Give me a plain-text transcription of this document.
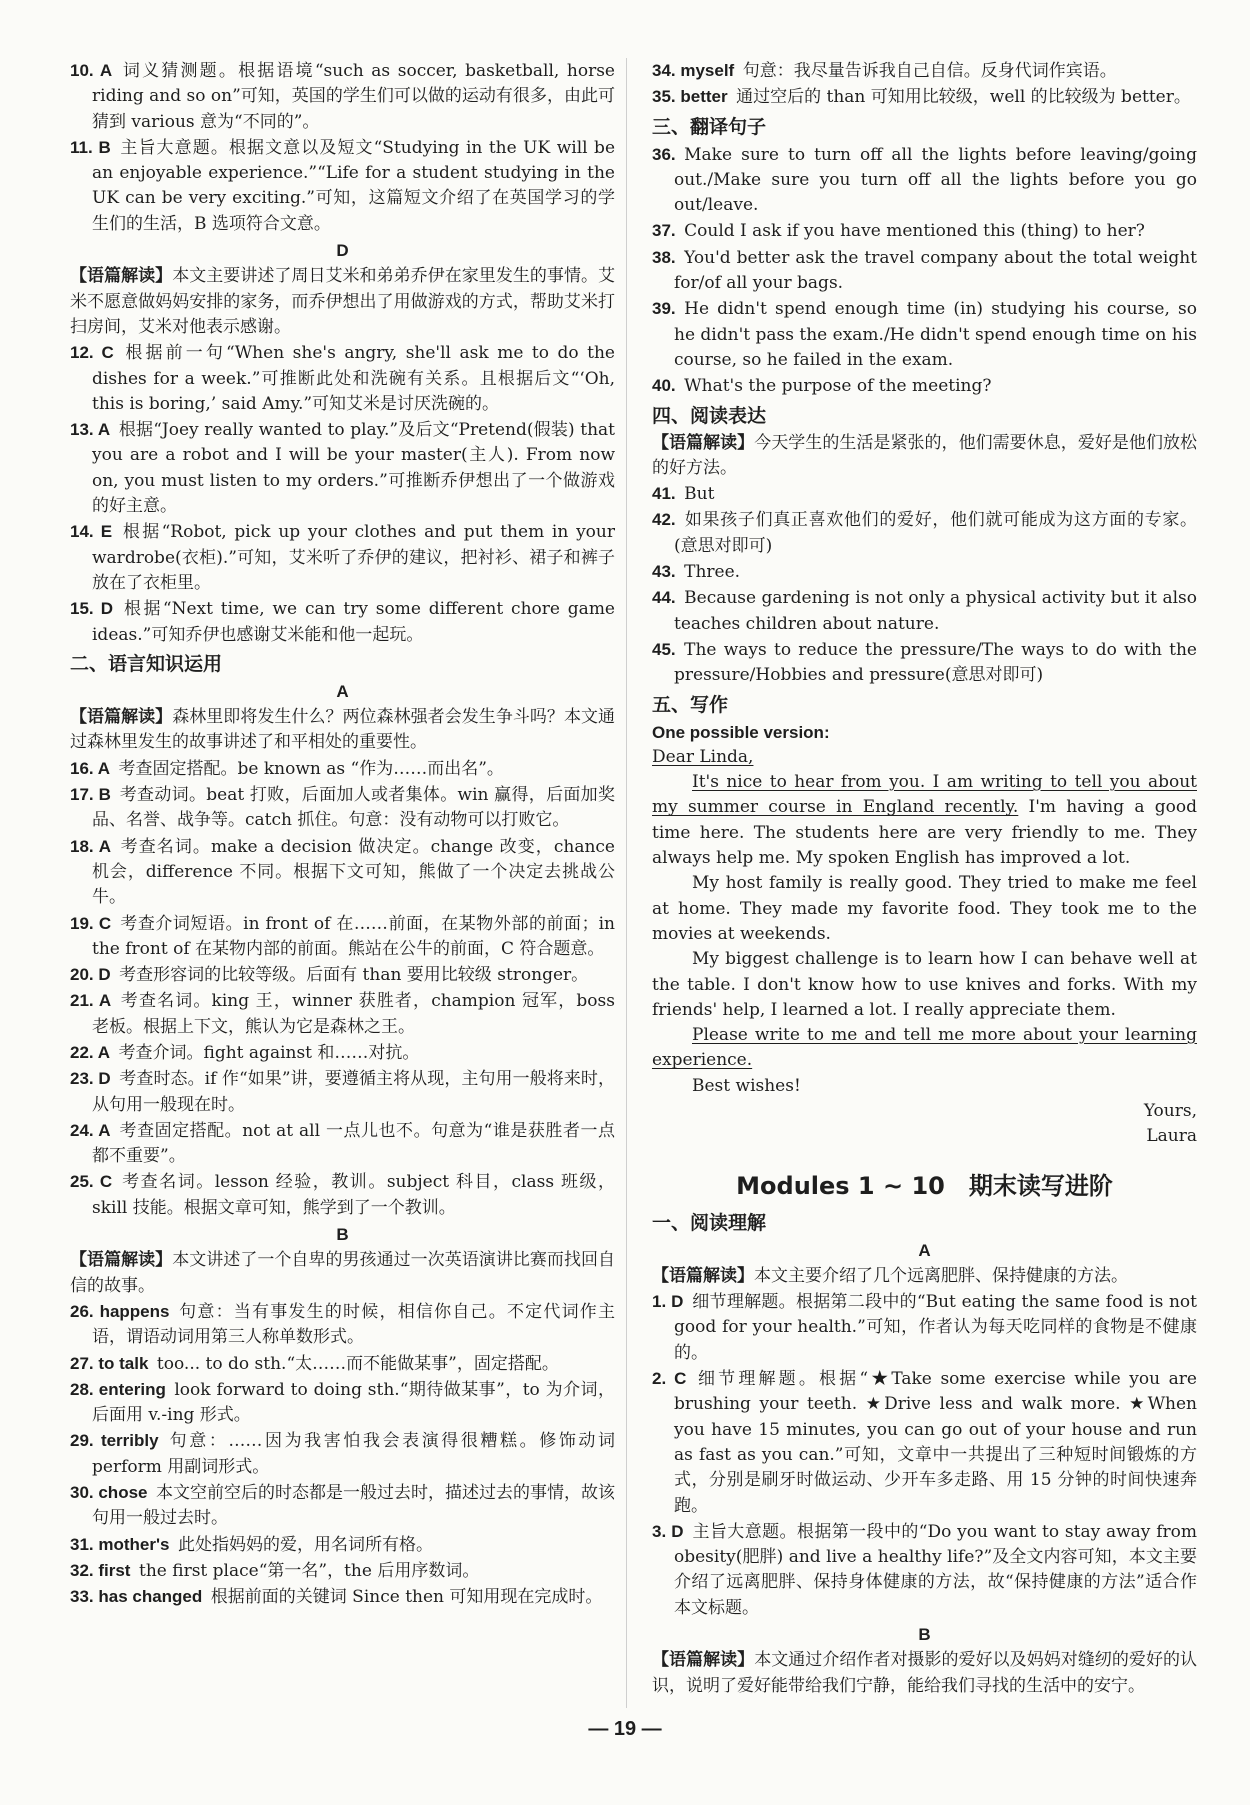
10. A 词义猜测题。根据语境“such as soccer, basketball, horse riding and so on”可知，英国的学生们可以做的运动有很多，由此可猜到 various 意为“不同的”。

11. B 主旨大意题。根据文意以及短文“Studying in the UK will be an enjoyable experience.”“Life for a student studying in the UK can be very exciting.”可知，这篇短文介绍了在英国学习的学生们的生活，B 选项符合文意。

D

【语篇解读】本文主要讲述了周日艾米和弟弟乔伊在家里发生的事情。艾米不愿意做妈妈安排的家务，而乔伊想出了用做游戏的方式，帮助艾米打扫房间，艾米对他表示感谢。

12. C 根据前一句“When she's angry, she'll ask me to do the dishes for a week.”可推断此处和洗碗有关系。且根据后文“‘Oh, this is boring,’ said Amy.”可知艾米是讨厌洗碗的。

13. A 根据“Joey really wanted to play.”及后文“Pretend(假装) that you are a robot and I will be your master(主人). From now on, you must listen to my orders.”可推断乔伊想出了一个做游戏的好主意。

14. E 根据“Robot, pick up your clothes and put them in your wardrobe(衣柜).”可知，艾米听了乔伊的建议，把衬衫、裙子和裤子放在了衣柜里。

15. D 根据“Next time, we can try some different chore game ideas.”可知乔伊也感谢艾米能和他一起玩。

二、语言知识运用

A

【语篇解读】森林里即将发生什么？两位森林强者会发生争斗吗？本文通过森林里发生的故事讲述了和平相处的重要性。

16. A 考查固定搭配。be known as “作为……而出名”。

17. B 考查动词。beat 打败，后面加人或者集体。win 赢得，后面加奖品、名誉、战争等。catch 抓住。句意：没有动物可以打败它。

18. A 考查名词。make a decision 做决定。change 改变，chance 机会，difference 不同。根据下文可知，熊做了一个决定去挑战公牛。

19. C 考查介词短语。in front of 在……前面，在某物外部的前面；in the front of 在某物内部的前面。熊站在公牛的前面，C 符合题意。

20. D 考查形容词的比较等级。后面有 than 要用比较级 stronger。

21. A 考查名词。king 王，winner 获胜者，champion 冠军，boss 老板。根据上下文，熊认为它是森林之王。

22. A 考查介词。fight against 和……对抗。

23. D 考查时态。if 作“如果”讲，要遵循主将从现，主句用一般将来时，从句用一般现在时。

24. A 考查固定搭配。not at all 一点儿也不。句意为“谁是获胜者一点都不重要”。

25. C 考查名词。lesson 经验，教训。subject 科目，class 班级，skill 技能。根据文章可知，熊学到了一个教训。

B

【语篇解读】本文讲述了一个自卑的男孩通过一次英语演讲比赛而找回自信的故事。

26. happens 句意：当有事发生的时候，相信你自己。不定代词作主语，谓语动词用第三人称单数形式。

27. to talk too... to do sth.“太……而不能做某事”，固定搭配。

28. entering look forward to doing sth.“期待做某事”，to 为介词，后面用 v.-ing 形式。

29. terribly 句意：……因为我害怕我会表演得很糟糕。修饰动词 perform 用副词形式。

30. chose 本文空前空后的时态都是一般过去时，描述过去的事情，故该句用一般过去时。

31. mother's 此处指妈妈的爱，用名词所有格。

32. first the first place“第一名”，the 后用序数词。

33. has changed 根据前面的关键词 Since then 可知用现在完成时。

34. myself 句意：我尽量告诉我自己自信。反身代词作宾语。

35. better 通过空后的 than 可知用比较级，well 的比较级为 better。

三、翻译句子

36. Make sure to turn off all the lights before leaving/going out./Make sure you turn off all the lights before you go out/leave.

37. Could I ask if you have mentioned this (thing) to her?

38. You'd better ask the travel company about the total weight for/of all your bags.

39. He didn't spend enough time (in) studying his course, so he didn't pass the exam./He didn't spend enough time on his course, so he failed in the exam.

40. What's the purpose of the meeting?

四、阅读表达

【语篇解读】今天学生的生活是紧张的，他们需要休息，爱好是他们放松的好方法。

41. But

42. 如果孩子们真正喜欢他们的爱好，他们就可能成为这方面的专家。(意思对即可)

43. Three.

44. Because gardening is not only a physical activity but it also teaches children about nature.

45. The ways to reduce the pressure/The ways to do with the pressure/Hobbies and pressure(意思对即可)

五、写作

One possible version:

Dear Linda,

It's nice to hear from you. I am writing to tell you about my summer course in England recently. I'm having a good time here. The students here are very friendly to me. They always help me. My spoken English has improved a lot.

My host family is really good. They tried to make me feel at home. They made my favorite food. They took me to the movies at weekends.

My biggest challenge is to learn how I can behave well at the table. I don't know how to use knives and forks. With my friends' help, I learned a lot. I really appreciate them.

Please write to me and tell me more about your learning experience.

Best wishes!

Yours,

Laura

Modules 1 ~ 10　期末读写进阶

一、阅读理解

A

【语篇解读】本文主要介绍了几个远离肥胖、保持健康的方法。

1. D 细节理解题。根据第二段中的“But eating the same food is not good for your health.”可知，作者认为每天吃同样的食物是不健康的。

2. C 细节理解题。根据“★Take some exercise while you are brushing your teeth. ★Drive less and walk more. ★When you have 15 minutes, you can go out of your house and run as fast as you can.”可知，文章中一共提出了三种短时间锻炼的方式，分别是刷牙时做运动、少开车多走路、用 15 分钟的时间快速奔跑。

3. D 主旨大意题。根据第一段中的“Do you want to stay away from obesity(肥胖) and live a healthy life?”及全文内容可知，本文主要介绍了远离肥胖、保持身体健康的方法，故“保持健康的方法”适合作本文标题。

B

【语篇解读】本文通过介绍作者对摄影的爱好以及妈妈对缝纫的爱好的认识，说明了爱好能带给我们宁静，能给我们寻找的生活中的安宁。

— 19 —
